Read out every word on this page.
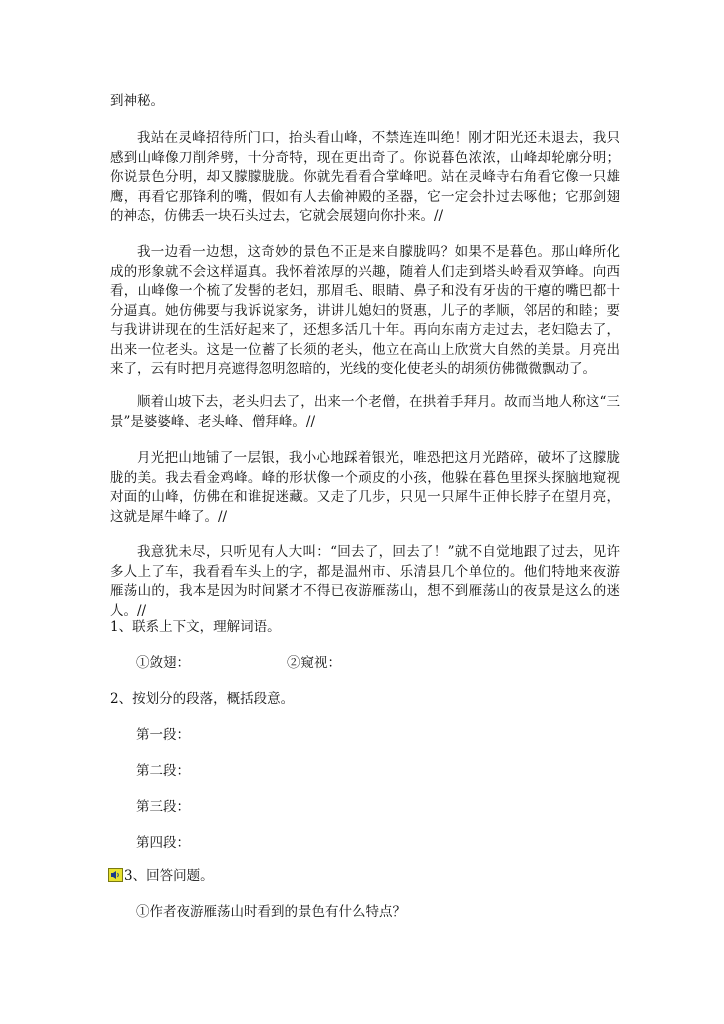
到神秘。
我站在灵峰招待所门口，抬头看山峰，不禁连连叫绝！刚才阳光还未退去，我只感到山峰像刀削斧劈，十分奇特，现在更出奇了。你说暮色浓浓，山峰却轮廓分明；你说景色分明，却又朦朦胧胧。你就先看看合掌峰吧。站在灵峰寺右角看它像一只雄鹰，再看它那锋利的嘴，假如有人去偷神殿的圣器，它一定会扑过去啄他；它那剑翅的神态，仿佛丢一块石头过去，它就会展翅向你扑来。//
我一边看一边想，这奇妙的景色不正是来自朦胧吗？如果不是暮色。那山峰所化成的形象就不会这样逼真。我怀着浓厚的兴趣，随着人们走到塔头岭看双笋峰。向西看，山峰像一个梳了发髻的老妇，那眉毛、眼睛、鼻子和没有牙齿的干瘪的嘴巴都十分逼真。她仿佛要与我诉说家务，讲讲儿媳妇的贤惠，儿子的孝顺，邻居的和睦；要与我讲讲现在的生活好起来了，还想多活几十年。再向东南方走过去，老妇隐去了，出来一位老头。这是一位蓄了长须的老头，他立在高山上欣赏大自然的美景。月亮出来了，云有时把月亮遮得忽明忽暗的，光线的变化使老头的胡须仿佛微微飘动了。
顺着山坡下去，老头归去了，出来一个老僧，在拱着手拜月。故而当地人称这“三景”是婆婆峰、老头峰、僧拜峰。//
月光把山地铺了一层银，我小心地踩着银光，唯恐把这月光踏碎，破坏了这朦胧胧的美。我去看金鸡峰。峰的形状像一个顽皮的小孩，他躲在暮色里探头探脑地窥视对面的山峰，仿佛在和谁捉迷藏。又走了几步，只见一只犀牛正伸长脖子在望月亮，这就是犀牛峰了。//
我意犹未尽，只听见有人大叫：“回去了，回去了！”就不自觉地跟了过去，见许多人上了车，我看看车头上的字，都是温州市、乐清县几个单位的。他们特地来夜游雁荡山的，我本是因为时间紧才不得已夜游雁荡山，想不到雁荡山的夜景是这么的迷人。//
1、联系上下文，理解词语。
①敛翅：	②窥视：
2、按划分的段落，概括段意。
第一段：
第二段：
第三段：
第四段：
3、回答问题。
①作者夜游雁荡山时看到的景色有什么特点？
